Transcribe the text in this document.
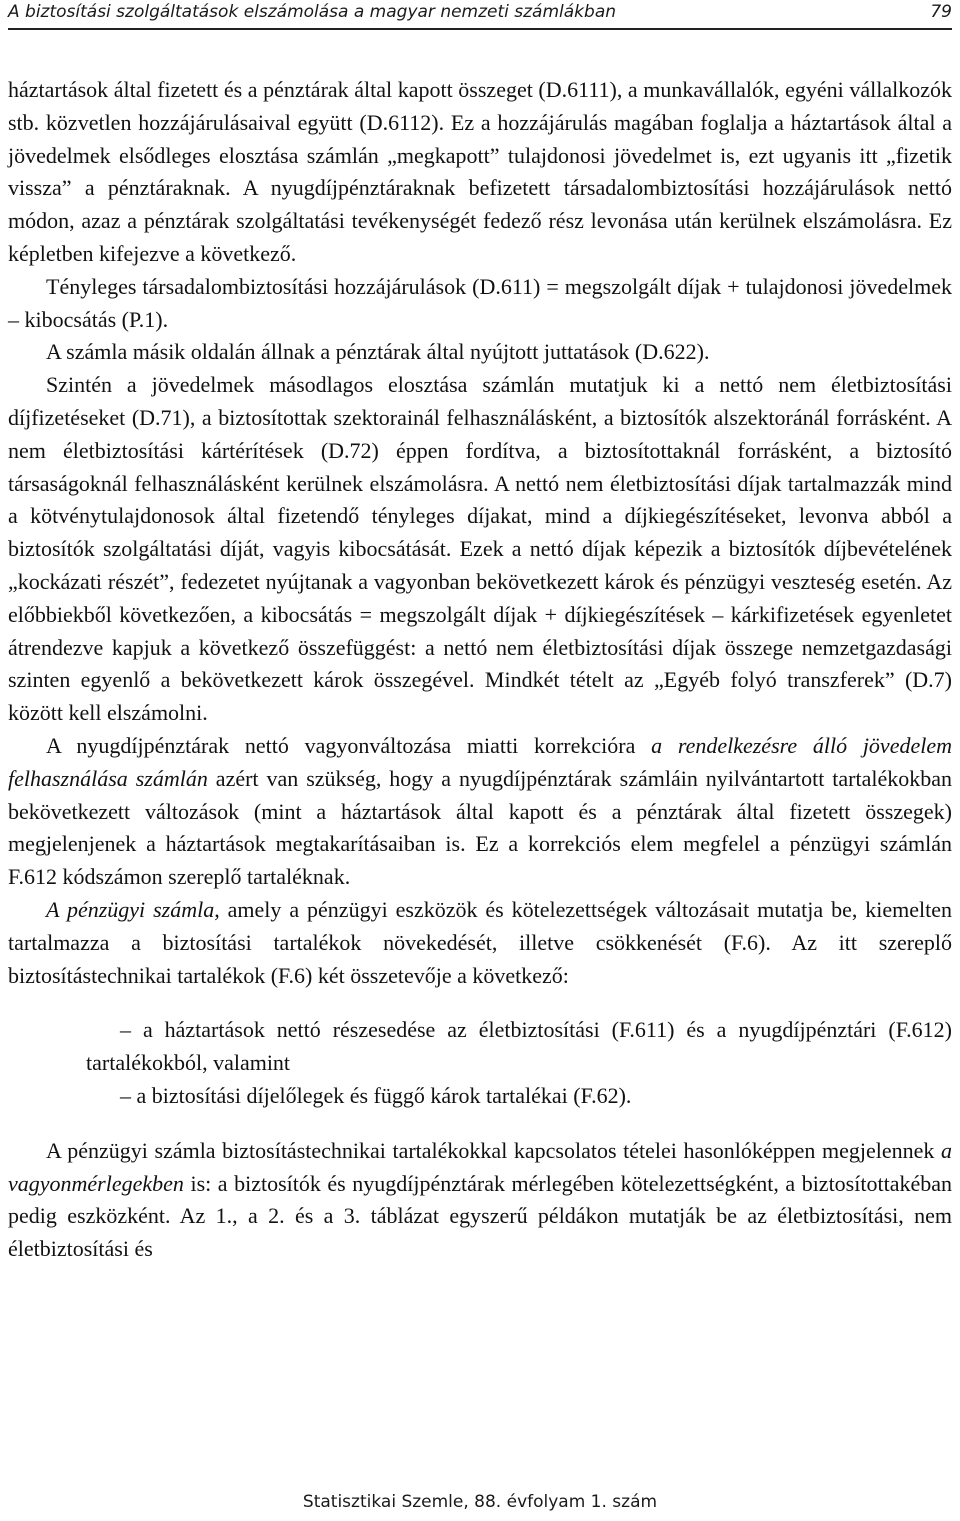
A biztosítási szolgáltatások elszámolása a magyar nemzeti számlákban	79

háztartások által fizetett és a pénztárak által kapott összeget (D.6111), a munkavállalók, egyéni vállalkozók stb. közvetlen hozzájárulásaival együtt (D.6112). Ez a hozzájárulás magában foglalja a háztartások által a jövedelmek elsődleges elosztása számlán „megkapott” tulajdonosi jövedelmet is, ezt ugyanis itt „fizetik vissza” a pénztáraknak. A nyugdíjpénztáraknak befizetett társadalombiztosítási hozzájárulások nettó módon, azaz a pénztárak szolgáltatási tevékenységét fedező rész levonása után kerülnek elszámolásra. Ez képletben kifejezve a következő.

Tényleges társadalombiztosítási hozzájárulások (D.611) = megszolgált díjak + tulajdonosi jövedelmek – kibocsátás (P.1).

A számla másik oldalán állnak a pénztárak által nyújtott juttatások (D.622).

Szintén a jövedelmek másodlagos elosztása számlán mutatjuk ki a nettó nem életbiztosítási díjfizetéseket (D.71), a biztosítottak szektorainál felhasználásként, a biztosítók alszektoránál forrásként. A nem életbiztosítási kártérítések (D.72) éppen fordítva, a biztosítottaknál forrásként, a biztosító társaságoknál felhasználásként kerülnek elszámolásra. A nettó nem életbiztosítási díjak tartalmazzák mind a kötvénytulajdonosok által fizetendő tényleges díjakat, mind a díjkiegészítéseket, levonva abból a biztosítók szolgáltatási díját, vagyis kibocsátását. Ezek a nettó díjak képezik a biztosítók díjbevételének „kockázati részét”, fedezetet nyújtanak a vagyonban bekövetkezett károk és pénzügyi veszteség esetén. Az előbbiekből következően, a kibocsátás = megszolgált díjak + díjkiegészítések – kárkifizetések egyenletet átrendezve kapjuk a következő összefüggést: a nettó nem életbiztosítási díjak összege nemzetgazdasági szinten egyenlő a bekövetkezett károk összegével. Mindkét tételt az „Egyéb folyó transzferek” (D.7) között kell elszámolni.

A nyugdíjpénztárak nettó vagyonváltozása miatti korrekcióra a rendelkezésre álló jövedelem felhasználása számlán azért van szükség, hogy a nyugdíjpénztárak számláin nyilvántartott tartalékokban bekövetkezett változások (mint a háztartások által kapott és a pénztárak által fizetett összegek) megjelenjenek a háztartások megtakarításaiban is. Ez a korrekciós elem megfelel a pénzügyi számlán F.612 kódszámon szereplő tartaléknak.

A pénzügyi számla, amely a pénzügyi eszközök és kötelezettségek változásait mutatja be, kiemelten tartalmazza a biztosítási tartalékok növekedését, illetve csökkenését (F.6). Az itt szereplő biztosítástechnikai tartalékok (F.6) két összetevője a következő:

– a háztartások nettó részesedése az életbiztosítási (F.611) és a nyugdíjpénztári (F.612) tartalékokból, valamint
– a biztosítási díjelőlegek és függő károk tartalékai (F.62).

A pénzügyi számla biztosítástechnikai tartalékokkal kapcsolatos tételei hasonlóképpen megjelennek a vagyonmérlegekben is: a biztosítók és nyugdíjpénztárak mérlegében kötelezettségként, a biztosítottakéban pedig eszközként. Az 1., a 2. és a 3. táblázat egyszerű példákon mutatják be az életbiztosítási, nem életbiztosítási és

Statisztikai Szemle, 88. évfolyam 1. szám
